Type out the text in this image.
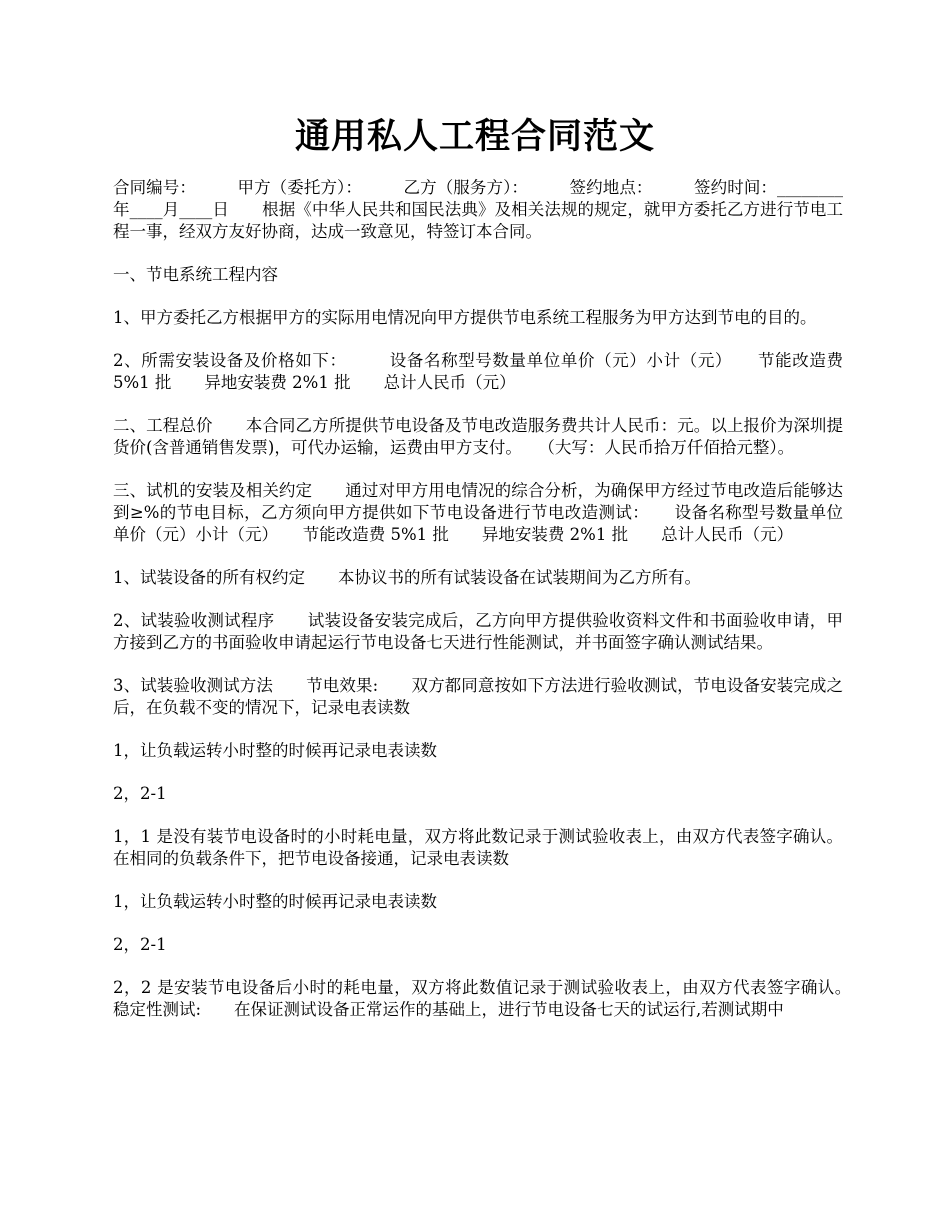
通用私人工程合同范文

合同编号：　　　甲方（委托方）：　　　乙方（服务方）：　　　签约地点：　　　签约时间：________年____月____日　　根据《中华人民共和国民法典》及相关法规的规定，就甲方委托乙方进行节电工程一事，经双方友好协商，达成一致意见，特签订本合同。

一、节电系统工程内容

1、甲方委托乙方根据甲方的实际用电情况向甲方提供节电系统工程服务为甲方达到节电的目的。

2、所需安装设备及价格如下：　　　设备名称型号数量单位单价（元）小计（元）　　节能改造费 5%1 批　　异地安装费 2%1 批　　总计人民币（元）

二、工程总价　　本合同乙方所提供节电设备及节电改造服务费共计人民币：元。以上报价为深圳提货价(含普通销售发票)，可代办运输，运费由甲方支付。　　（大写：人民币拾万仟佰拾元整）。

三、试机的安装及相关约定　　通过对甲方用电情况的综合分析，为确保甲方经过节电改造后能够达到≥%的节电目标，乙方须向甲方提供如下节电设备进行节电改造测试：　　设备名称型号数量单位单价（元）小计（元）　　节能改造费 5%1 批　　异地安装费 2%1 批　　总计人民币（元）

1、试装设备的所有权约定　　本协议书的所有试装设备在试装期间为乙方所有。

2、试装验收测试程序　　试装设备安装完成后，乙方向甲方提供验收资料文件和书面验收申请，甲方接到乙方的书面验收申请起运行节电设备七天进行性能测试，并书面签字确认测试结果。

3、试装验收测试方法　　节电效果:　　双方都同意按如下方法进行验收测试，节电设备安装完成之后，在负载不变的情况下，记录电表读数

1，让负载运转小时整的时候再记录电表读数

2，2-1

1，1 是没有装节电设备时的小时耗电量，双方将此数记录于测试验收表上，由双方代表签字确认。在相同的负载条件下，把节电设备接通，记录电表读数

1，让负载运转小时整的时候再记录电表读数

2，2-1

2，2 是安装节电设备后小时的耗电量，双方将此数值记录于测试验收表上，由双方代表签字确认。　　稳定性测试:　　在保证测试设备正常运作的基础上，进行节电设备七天的试运行,若测试期中
